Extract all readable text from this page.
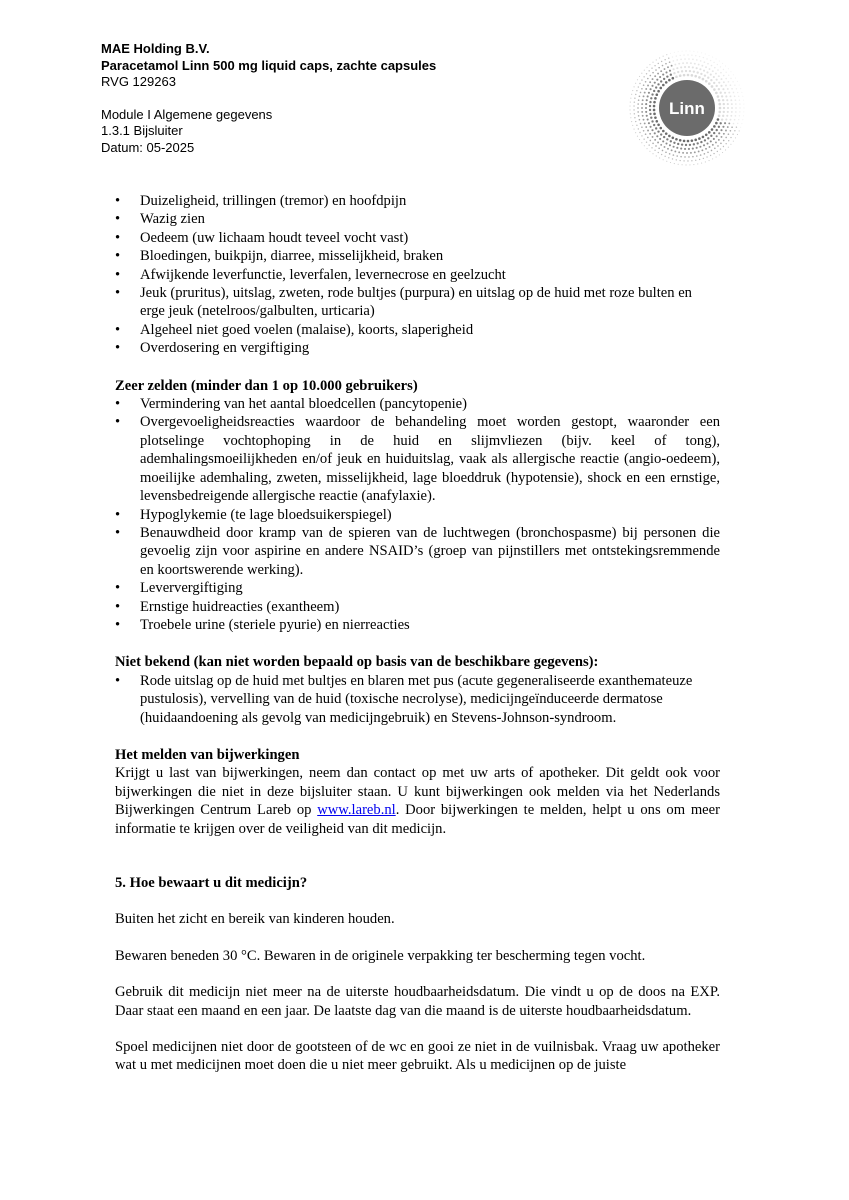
MAE Holding B.V.
Paracetamol Linn 500 mg liquid caps, zachte capsules
RVG 129263
Module I Algemene gegevens
1.3.1 Bijsluiter
Datum: 05-2025
Linn
• Duizeligheid, trillingen (tremor) en hoofdpijn
• Wazig zien
• Oedeem (uw lichaam houdt teveel vocht vast)
• Bloedingen, buikpijn, diarree, misselijkheid, braken
• Afwijkende leverfunctie, leverfalen, levernecrose en geelzucht
• Jeuk (pruritus), uitslag, zweten, rode bultjes (purpura) en uitslag op de huid met roze bulten en erge jeuk (netelroos/galbulten, urticaria)
• Algeheel niet goed voelen (malaise), koorts, slaperigheid
• Overdosering en vergiftiging
Zeer zelden (minder dan 1 op 10.000 gebruikers)
• Vermindering van het aantal bloedcellen (pancytopenie)
• Overgevoeligheidsreacties waardoor de behandeling moet worden gestopt, waaronder een plotselinge vochtophoping in de huid en slijmvliezen (bijv. keel of tong), ademhalingsmoeilijkheden en/of jeuk en huiduitslag, vaak als allergische reactie (angio-oedeem), moeilijke ademhaling, zweten, misselijkheid, lage bloeddruk (hypotensie), shock en een ernstige, levensbedreigende allergische reactie (anafylaxie).
• Hypoglykemie (te lage bloedsuikerspiegel)
• Benauwdheid door kramp van de spieren van de luchtwegen (bronchospasme) bij personen die gevoelig zijn voor aspirine en andere NSAID’s (groep van pijnstillers met ontstekingsremmende en koortswerende werking).
• Leververgiftiging
• Ernstige huidreacties (exantheem)
• Troebele urine (steriele pyurie) en nierreacties
Niet bekend (kan niet worden bepaald op basis van de beschikbare gegevens):
• Rode uitslag op de huid met bultjes en blaren met pus (acute gegeneraliseerde exanthemateuze pustulosis), vervelling van de huid (toxische necrolyse), medicijngeïnduceerde dermatose (huidaandoening als gevolg van medicijngebruik) en Stevens-Johnson-syndroom.
Het melden van bijwerkingen

Krijgt u last van bijwerkingen, neem dan contact op met uw arts of apotheker. Dit geldt ook voor bijwerkingen die niet in deze bijsluiter staan. U kunt bijwerkingen ook melden via het Nederlands Bijwerkingen Centrum Lareb op www.lareb.nl. Door bijwerkingen te melden, helpt u ons om meer informatie te krijgen over de veiligheid van dit medicijn.

5. Hoe bewaart u dit medicijn?

Buiten het zicht en bereik van kinderen houden.

Bewaren beneden 30 °C. Bewaren in de originele verpakking ter bescherming tegen vocht.

Gebruik dit medicijn niet meer na de uiterste houdbaarheidsdatum. Die vindt u op de doos na EXP. Daar staat een maand en een jaar. De laatste dag van die maand is de uiterste houdbaarheidsdatum.

Spoel medicijnen niet door de gootsteen of de wc en gooi ze niet in de vuilnisbak. Vraag uw apotheker wat u met medicijnen moet doen die u niet meer gebruikt. Als u medicijnen op de juiste
